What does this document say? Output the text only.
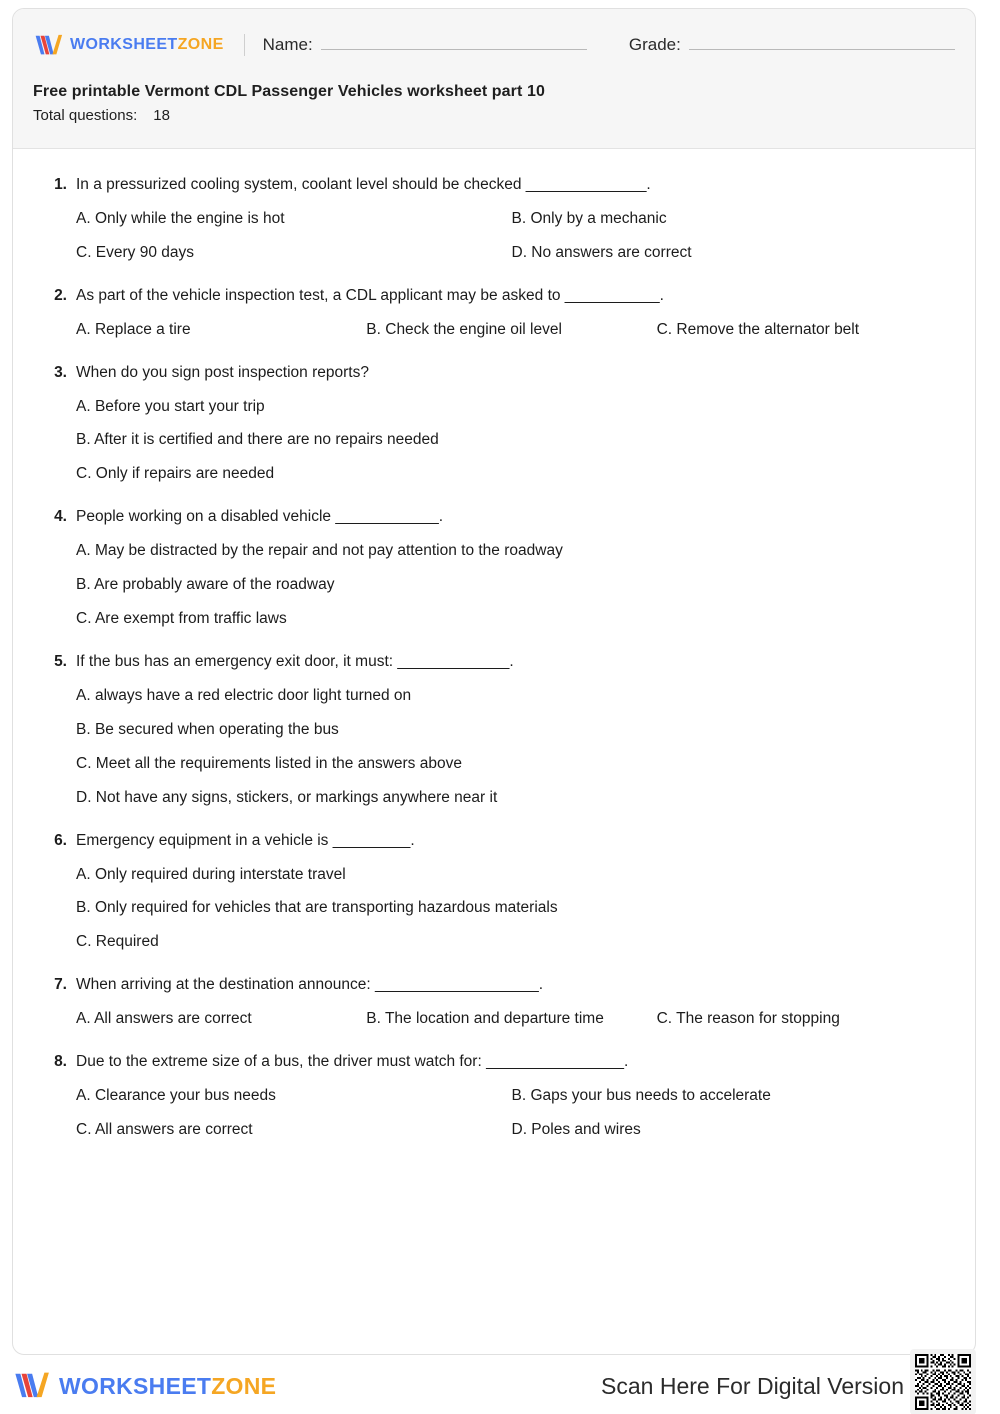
WORKSHEETZONE Name:	Grade:
Free printable Vermont CDL Passenger Vehicles worksheet part 10
Total questions: 18
1. In a pressurized cooling system, coolant level should be checked ______________.
A. Only while the engine is hot	B. Only by a mechanic
C. Every 90 days	D. No answers are correct
2. As part of the vehicle inspection test, a CDL applicant may be asked to ___________.
A. Replace a tire	B. Check the engine oil level	C. Remove the alternator belt
3. When do you sign post inspection reports?
A. Before you start your trip
B. After it is certified and there are no repairs needed
C. Only if repairs are needed
4. People working on a disabled vehicle ____________.
A. May be distracted by the repair and not pay attention to the roadway
B. Are probably aware of the roadway
C. Are exempt from traffic laws
5. If the bus has an emergency exit door, it must: _____________.
A. always have a red electric door light turned on
B. Be secured when operating the bus
C. Meet all the requirements listed in the answers above
D. Not have any signs, stickers, or markings anywhere near it
6. Emergency equipment in a vehicle is _________.
A. Only required during interstate travel
B. Only required for vehicles that are transporting hazardous materials
C. Required
7. When arriving at the destination announce: ___________________.
A. All answers are correct	B. The location and departure time	C. The reason for stopping
8. Due to the extreme size of a bus, the driver must watch for: ________________.
A. Clearance your bus needs	B. Gaps your bus needs to accelerate
C. All answers are correct	D. Poles and wires
WORKSHEETZONE	Scan Here For Digital Version
